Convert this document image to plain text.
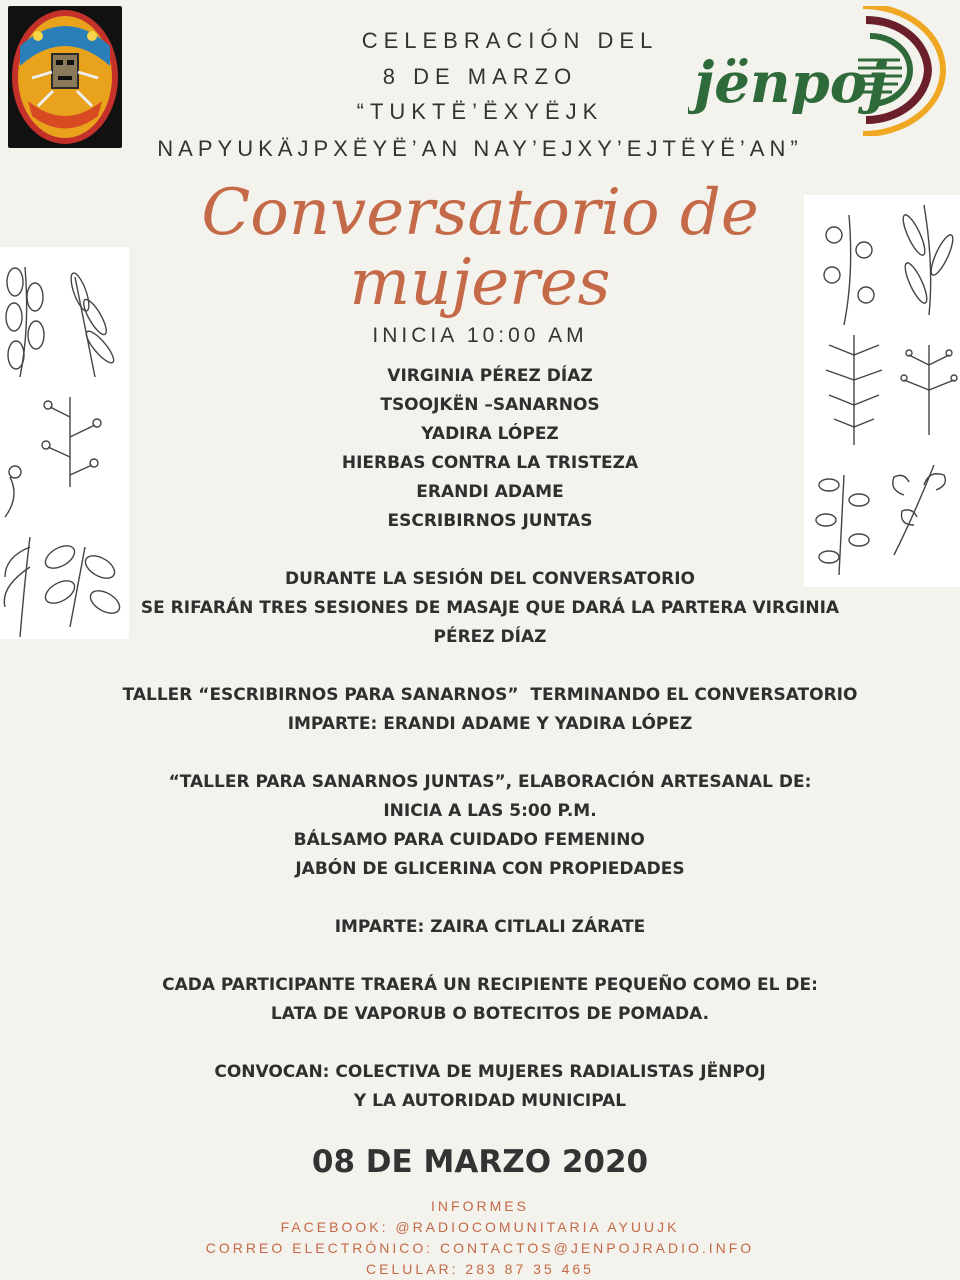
jënpoj
CELEBRACIÓN DEL
8 DE MARZO
“TUKTË’ËXYËJK
NAPYUKÄJPXËYË’AN NAY’EJXY’EJTËYË’AN”
Conversatorio de
mujeres
INICIA 10:00 AM
VIRGINIA PÉREZ DÍAZ
TSOOJKËN –SANARNOS
YADIRA LÓPEZ
HIERBAS CONTRA LA TRISTEZA
ERANDI ADAME
ESCRIBIRNOS JUNTAS
DURANTE LA SESIÓN DEL CONVERSATORIO
SE RIFARÁN TRES SESIONES DE MASAJE QUE DARÁ LA PARTERA VIRGINIA
PÉREZ DÍAZ
TALLER “ESCRIBIRNOS PARA SANARNOS”  TERMINANDO EL CONVERSATORIO
IMPARTE: ERANDI ADAME Y YADIRA LÓPEZ
“TALLER PARA SANARNOS JUNTAS”, ELABORACIÓN ARTESANAL DE:
INICIA A LAS 5:00 P.M.
BÁLSAMO PARA CUIDADO FEMENINO
JABÓN DE GLICERINA CON PROPIEDADES
IMPARTE: ZAIRA CITLALI ZÁRATE
CADA PARTICIPANTE TRAERÁ UN RECIPIENTE PEQUEÑO COMO EL DE:
LATA DE VAPORUB O BOTECITOS DE POMADA.
CONVOCAN: COLECTIVA DE MUJERES RADIALISTAS JËNPOJ
Y LA AUTORIDAD MUNICIPAL
08 DE MARZO 2020
INFORMES
FACEBOOK: @RADIOCOMUNITARIA AYUUJK
CORREO ELECTRÓNICO: CONTACTOS@JENPOJRADIO.INFO
CELULAR: 283 87 35 465
